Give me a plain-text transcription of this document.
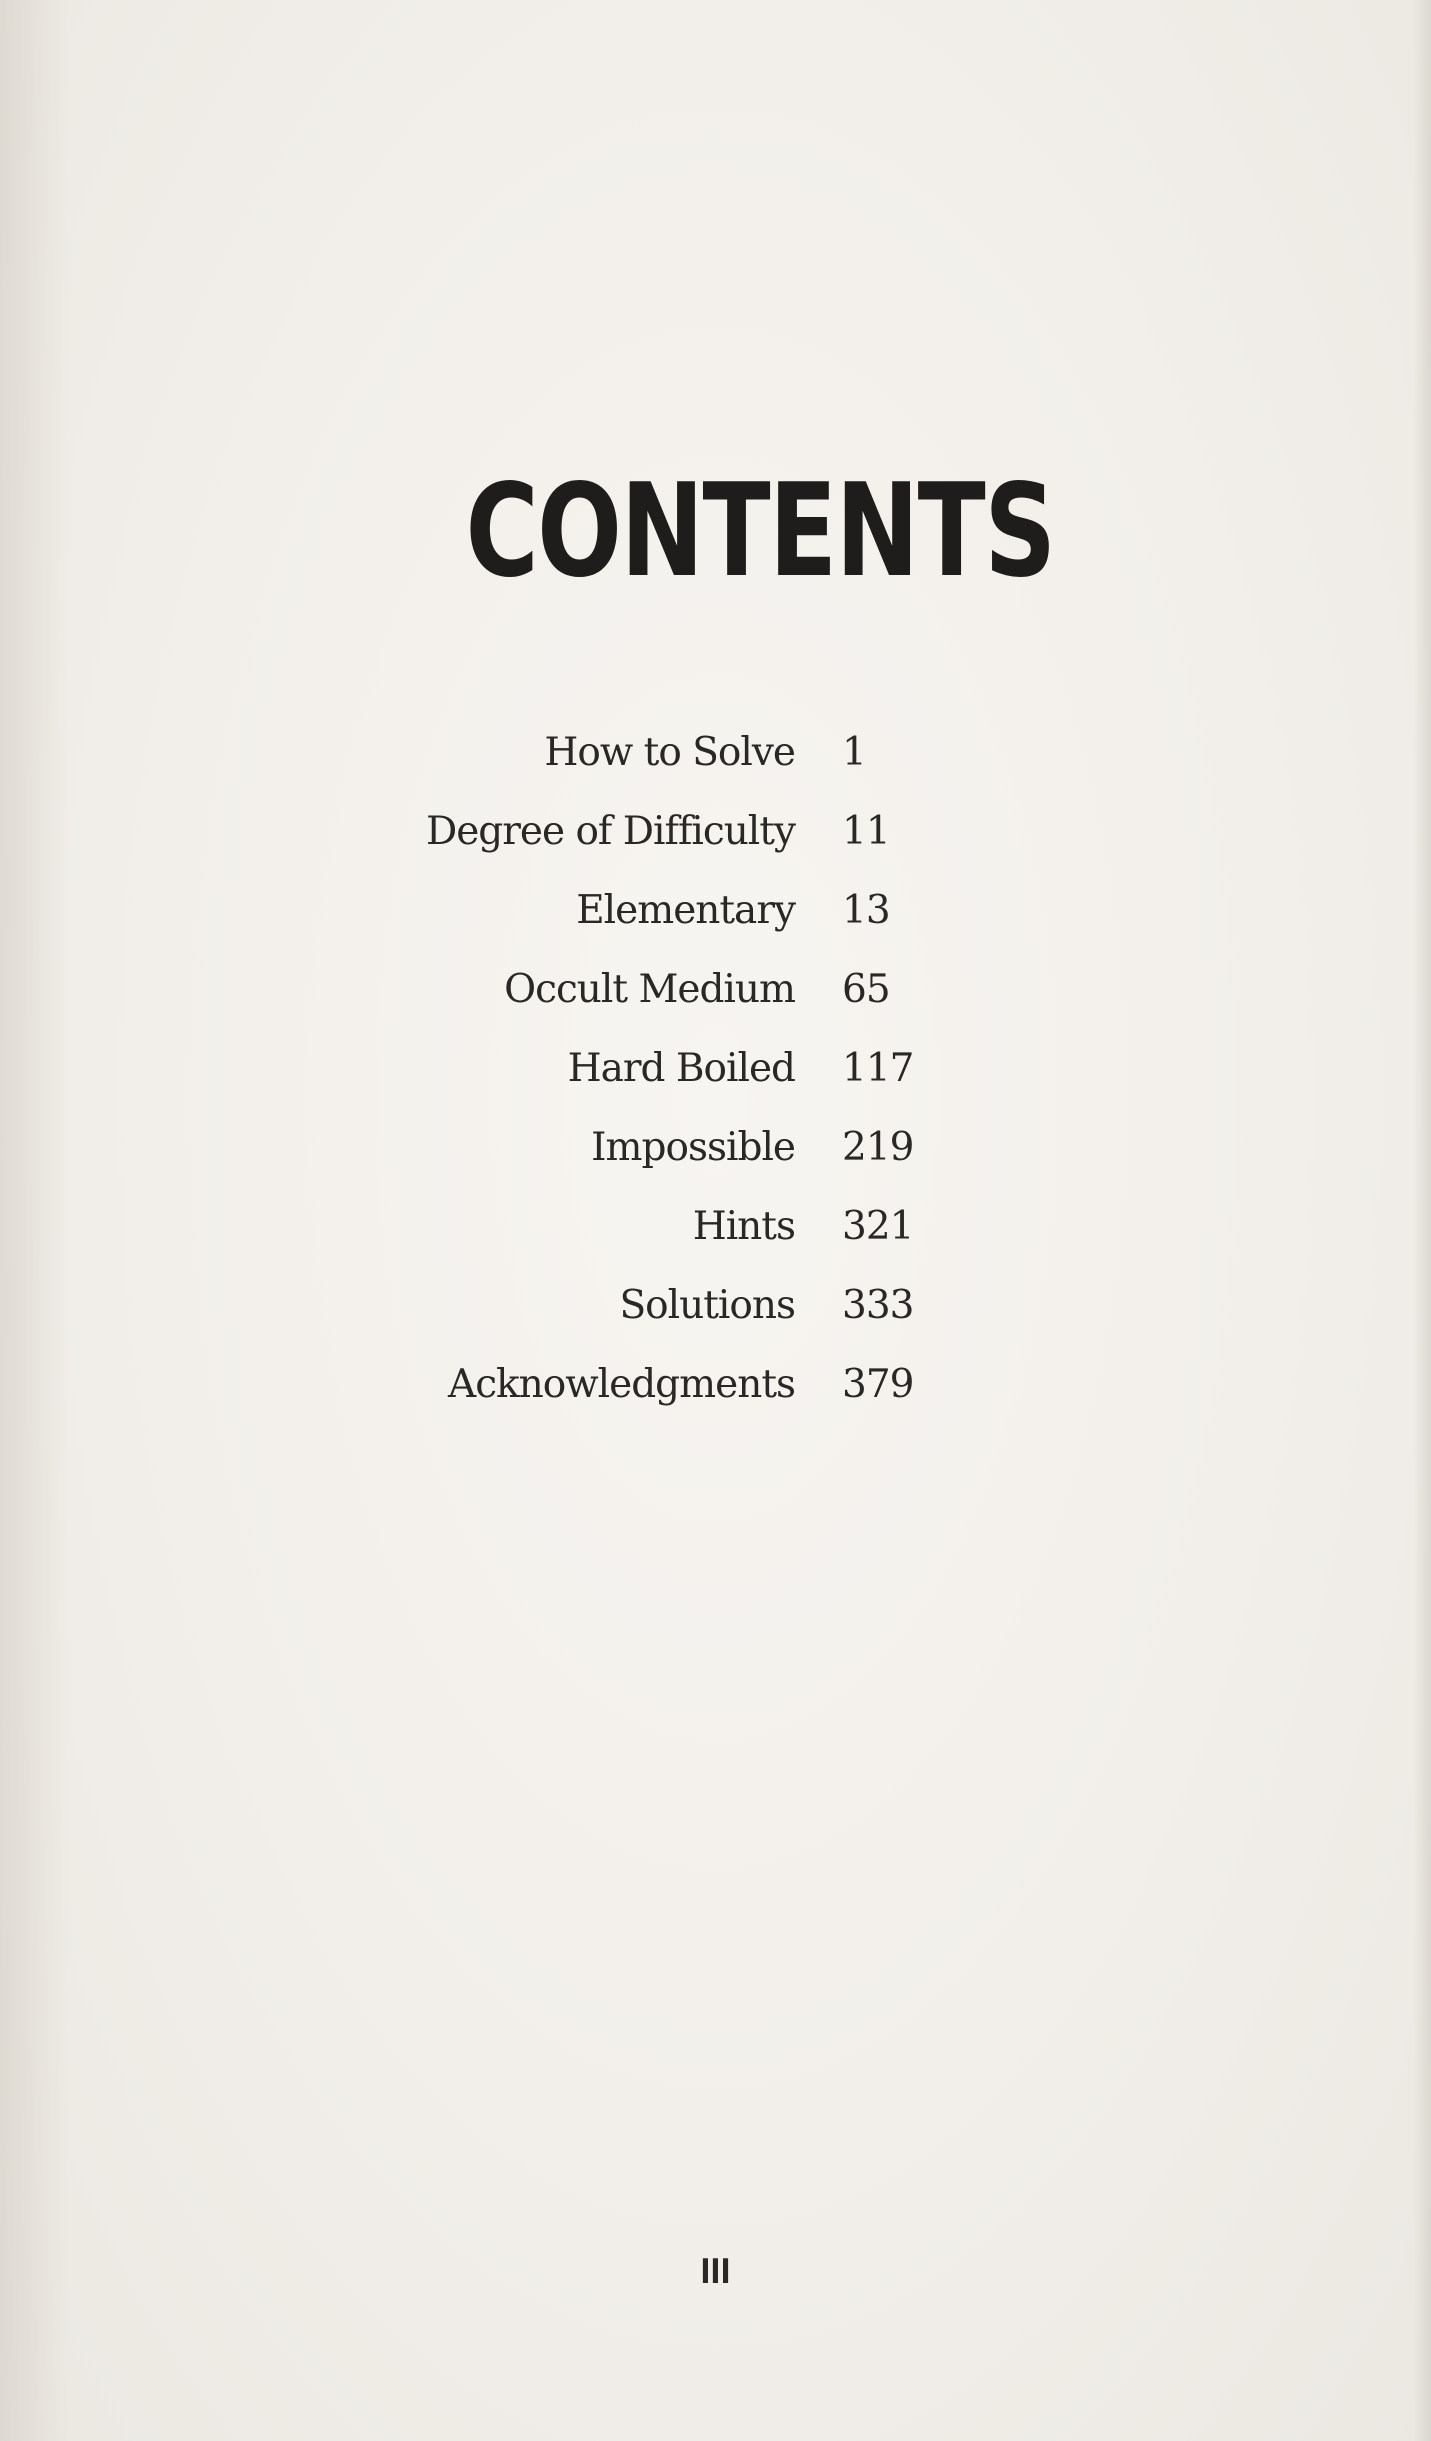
CONTENTS
How to Solve 1
Degree of Difficulty 11
Elementary 13
Occult Medium 65
Hard Boiled 117
Impossible 219
Hints 321
Solutions 333
Acknowledgments 379
III
